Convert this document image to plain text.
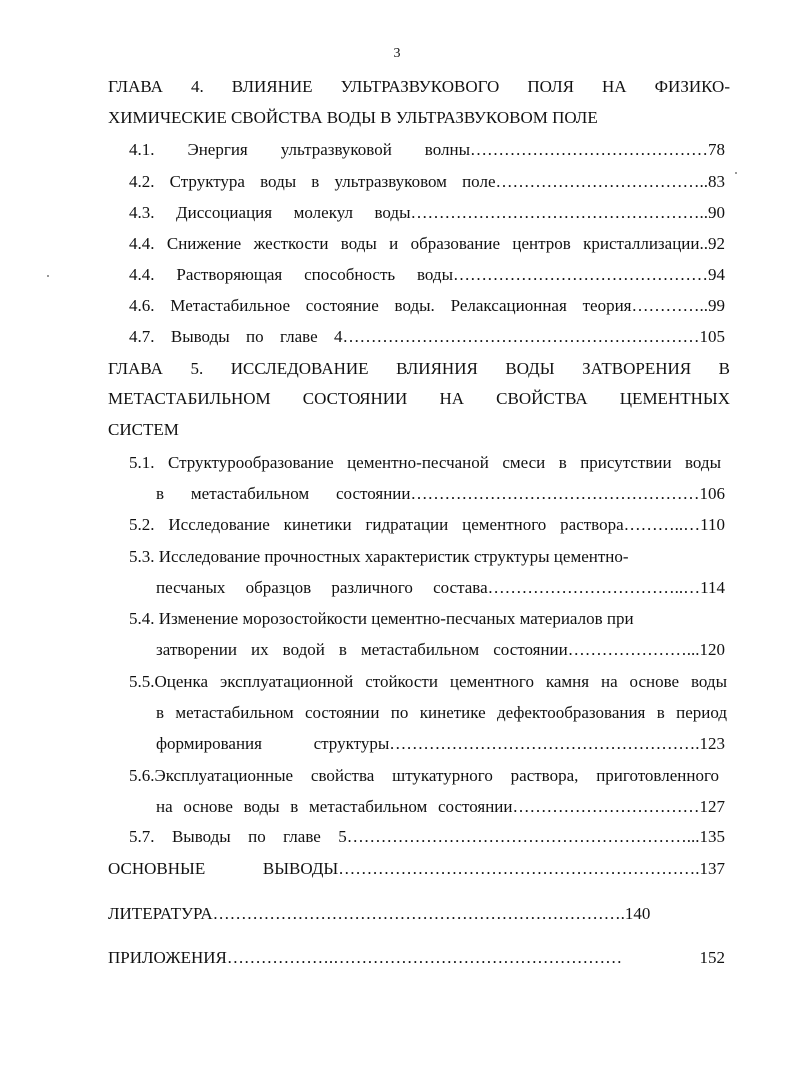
3
ГЛАВА 4. ВЛИЯНИЕ УЛЬТРАЗВУКОВОГО ПОЛЯ НА ФИЗИКО-
ХИМИЧЕСКИЕ СВОЙСТВА ВОДЫ В УЛЬТРАЗВУКОВОМ ПОЛЕ
4.1. Энергия ультразвуковой волны……………………………………78
4.2. Структура воды в ультразвуковом поле………………………………..83
4.3. Диссоциация молекул воды……………………………………………..90
4.4. Снижение жесткости воды и образование центров кристаллизации..92
4.4. Растворяющая способность воды………………………………………94
4.6. Метастабильное состояние воды. Релаксационная теория…………..99
4.7. Выводы по главе 4………………………………………………………105
ГЛАВА 5. ИССЛЕДОВАНИЕ ВЛИЯНИЯ ВОДЫ ЗАТВОРЕНИЯ В
МЕТАСТАБИЛЬНОМ СОСТОЯНИИ НА СВОЙСТВА ЦЕМЕНТНЫХ
СИСТЕМ
5.1. Структурообразование цементно-песчаной смеси в присутствии воды
в метастабильном состоянии……………………………………………106
5.2. Исследование кинетики гидратации цементного раствора………..…110
5.3. Исследование прочностных характеристик структуры цементно-
песчаных образцов различного состава……………………………..…114
5.4. Изменение морозостойкости цементно-песчаных материалов при
затворении их водой в метастабильном состоянии…………………...120
5.5.Оценка эксплуатационной стойкости цементного камня на основе воды
в метастабильном состоянии по кинетике дефектообразования в период
формирования структуры……………………………………………….123
5.6.Эксплуатационные свойства штукатурного раствора, приготовленного
на основе воды в метастабильном состоянии……………………………127
5.7. Выводы по главе 5……………………………………………………...135
ОСНОВНЫЕ ВЫВОДЫ……………………………………………………….137
ЛИТЕРАТУРА……………………………………………………………….140
ПРИЛОЖЕНИЯ……………….…………………………………………… 152
